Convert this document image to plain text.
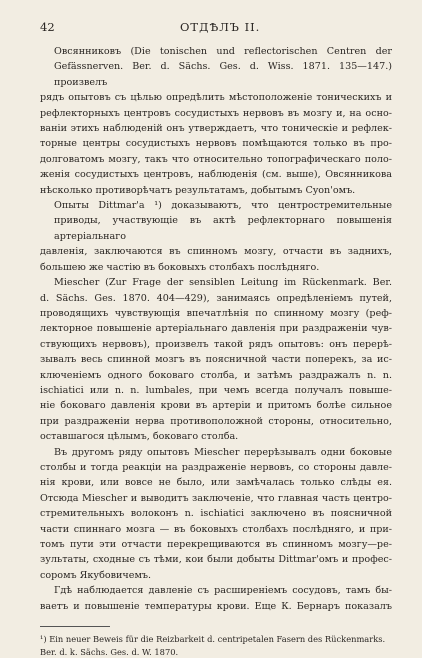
42	ОТДѢЛЪ II.
Овсянниковъ (Die tonischen und reflectorischen Centren der Gefässnerven. Ber. d. Sächs. Ges. d. Wiss. 1871. 135—147.) произвелъ
рядъ опытовъ съ цѣлью опредѣлить мѣстоположеніе тоническихъ и
рефлекторныхъ центровъ сосудистыхъ нервовъ въ мозгу и, на осно-
ваніи этихъ наблюденій онъ утверждаетъ, что тоническіе и рефлек-
торные центры сосудистыхъ нервовъ помѣщаются только въ про-
долговатомъ мозгу, такъ что относительно топографическаго поло-
женія сосудистыхъ центровъ, наблюденія (см. выше), Овсянникова
нѣсколько противорѣчатъ результатамъ, добытымъ Cyon'омъ.
Опыты Dittmar'а ¹) доказываютъ, что центростремительные приводы, участвующіе въ актѣ рефлекторнаго повышенія артеріальнаго
давленія, заключаются въ спинномъ мозгу, отчасти въ заднихъ,
большею же частію въ боковыхъ столбахъ послѣдняго.
Miescher (Zur Frage der sensiblen Leitung im Rückenmark. Ber.
d. Sächs. Ges. 1870. 404—429), занимаясь опредѣленіемъ путей,
проводящихъ чувствующія впечатлѣнія по спинному мозгу (реф-
лекторное повышеніе артеріальнаго давленія при раздраженіи чув-
ствующихъ нервовъ), произвелъ такой рядъ опытовъ: онъ перерѣ-
зывалъ весь спинной мозгъ въ поясничной части поперекъ, за ис-
ключеніемъ одного боковаго столба, и затѣмъ раздражалъ n. n.
ischiatici или n. n. lumbales, при чемъ всегда получалъ повыше-
ніе боковаго давленія крови въ артеріи и притомъ болѣе сильное
при раздраженіи нерва противоположной стороны, относительно,
оставшагося цѣлымъ, боковаго столба.
Въ другомъ ряду опытовъ Miescher перерѣзывалъ одни боковые
столбы и тогда реакціи на раздраженіе нервовъ, со стороны давле-
нія крови, или вовсе не было, или замѣчалась только слѣды ея.
Отсюда Miescher и выводитъ заключеніе, что главная часть центро-
стремительныхъ волоконъ n. ischiatici заключено въ поясничной
части спиннаго мозга — въ боковыхъ столбахъ послѣдняго, и при-
томъ пути эти отчасти перекрещиваются въ спинномъ мозгу—ре-
зультаты, сходные съ тѣми, кои были добыты Dittmar'омъ и профес-
соромъ Якубовичемъ.
Гдѣ наблюдается давленіе съ расширеніемъ сосудовъ, тамъ бы-
ваетъ и повышеніе температуры крови. Еще К. Бернаръ показалъ
¹) Ein neuer Beweis für die Reizbarkeit d. centripetalen Fasern des Rückenmarks. Ber. d. k. Sächs. Ges. d. W. 1870.
